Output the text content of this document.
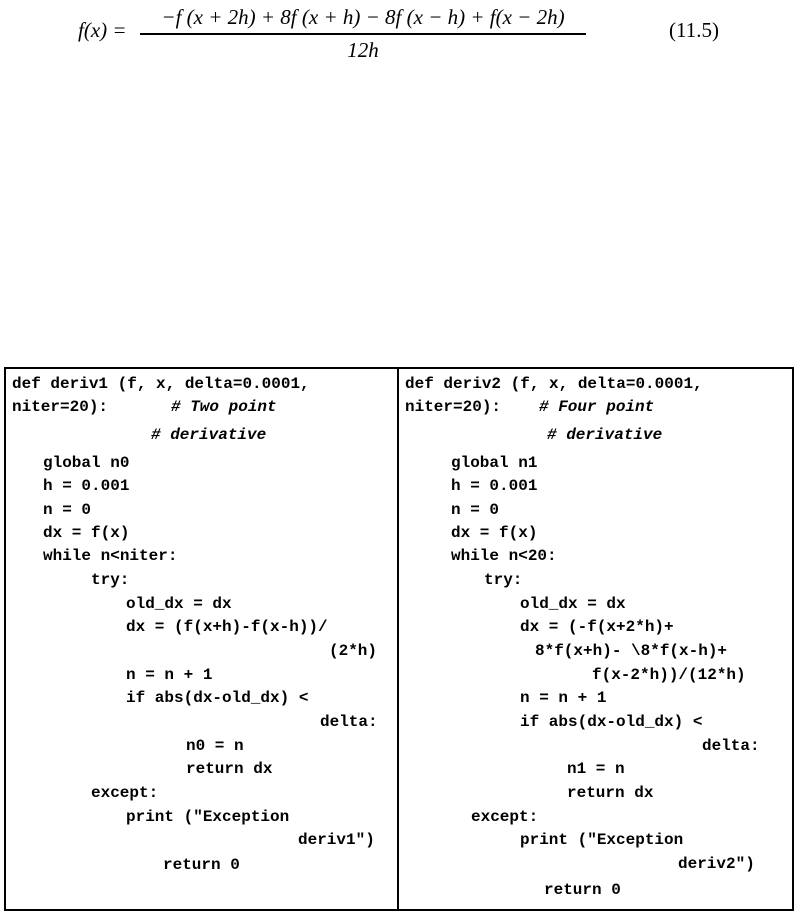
f(x) =
−f (x + 2h) + 8f (x + h) − 8f (x − h) + f(x − 2h)
12h
(11.5)
def deriv1 (f, x, delta=0.0001,
niter=20):	# Two point
# derivative
global n0
h = 0.001
n = 0
dx = f(x)
while n<niter:
try:
old_dx = dx
dx = (f(x+h)-f(x-h))/
(2*h)
n = n + 1
if abs(dx-old_dx) <
delta:
n0 = n
return dx
except:
print ("Exception
deriv1")
return 0
def deriv2 (f, x, delta=0.0001,
niter=20): # Four point
# derivative
global n1
h = 0.001
n = 0
dx = f(x)
while n<20:
try:
old_dx = dx
dx = (-f(x+2*h)+
8*f(x+h)- \8*f(x-h)+
f(x-2*h))/(12*h)
n = n + 1
if abs(dx-old_dx) <
delta:
n1 = n
return dx
except:
print ("Exception
deriv2")
return 0
